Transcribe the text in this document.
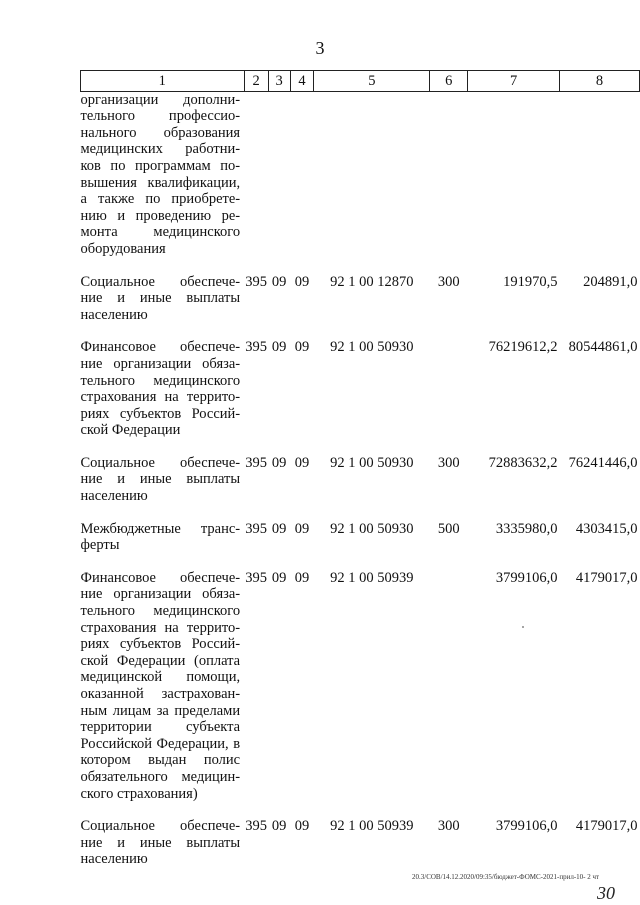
3
1	2	3	4	5	6	7	8

организации дополни-тельного профессио-нального образования медицинских работни-ков по программам по-вышения квалификации, а также по приобрете-нию и проведению ре-монта медицинского оборудования							

Социальное обеспече-ние и иные выплаты населению	395	09	09	92 1 00 12870	300	191970,5	204891,0

Финансовое обеспече-ние организации обяза-тельного медицинского страхования на террито-риях субъектов Россий-ской Федерации	395	09	09	92 1 00 50930		76219612,2	80544861,0

Социальное обеспече-ние и иные выплаты населению	395	09	09	92 1 00 50930	300	72883632,2	76241446,0

Межбюджетные транс-ферты	395	09	09	92 1 00 50930	500	3335980,0	4303415,0

Финансовое обеспече-ние организации обяза-тельного медицинского страхования на террито-риях субъектов Россий-ской Федерации (оплата медицинской помощи, оказанной застрахован-ным лицам за пределами территории субъекта Российской Федерации, в котором выдан полис обязательного медицин-ского страхования)	395	09	09	92 1 00 50939		3799106,0	4179017,0

Социальное обеспече-ние и иные выплаты населению	395	09	09	92 1 00 50939	300	3799106,0	4179017,0
20.3/СОВ/14.12.2020/09:35/бюджет-ФОМС-2021-прил-10- 2 чт
30
